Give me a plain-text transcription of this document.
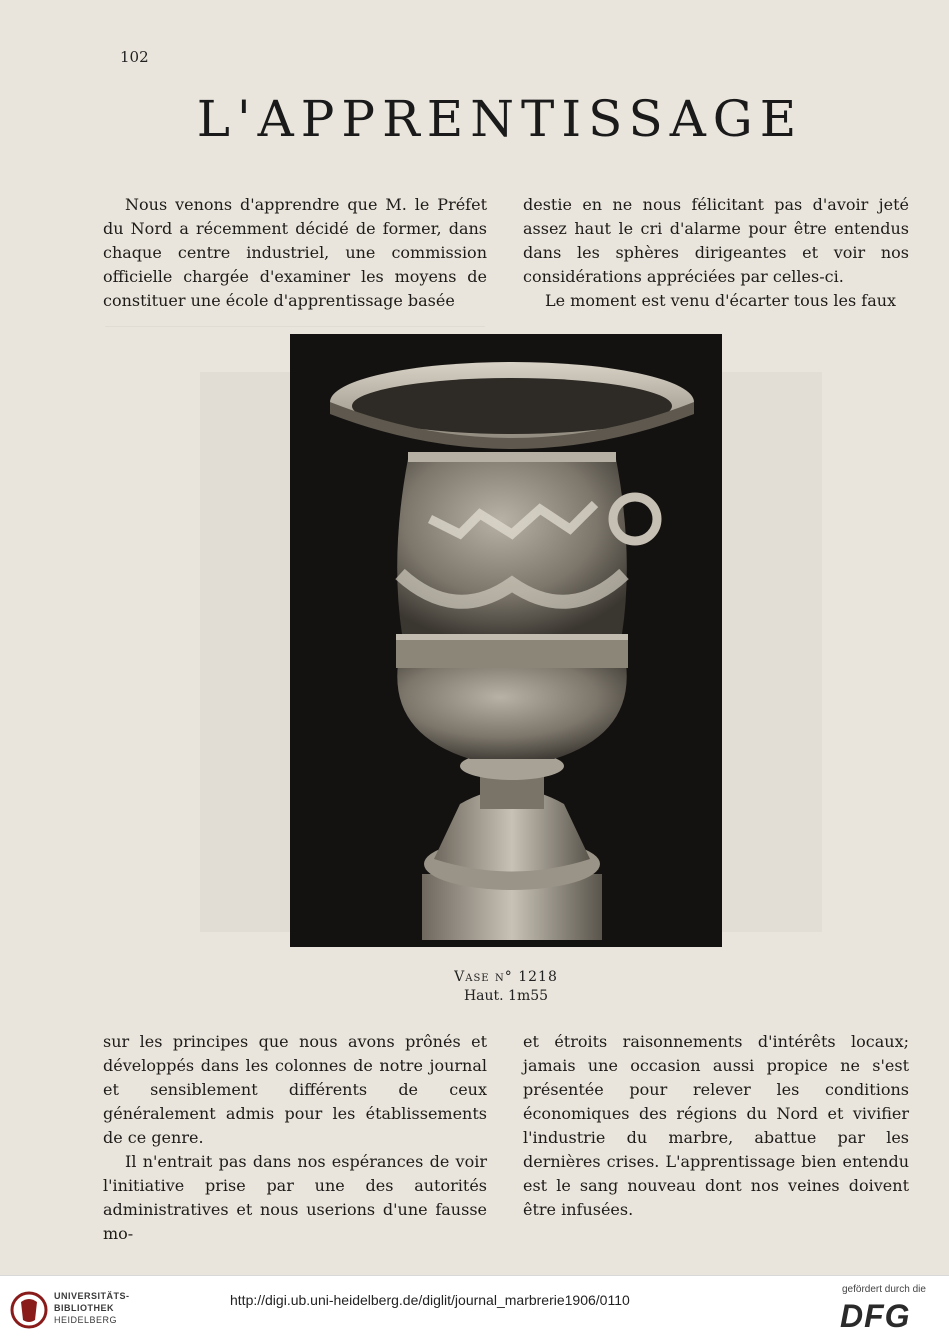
102
L'APPRENTISSAGE

Nous venons d'apprendre que M. le Préfet du Nord a récemment décidé de former, dans chaque centre industriel, une commission officielle chargée d'examiner les moyens de constituer une école d'apprentissage basée

destie en ne nous félicitant pas d'avoir jeté assez haut le cri d'alarme pour être entendus dans les sphères dirigeantes et voir nos considérations appréciées par celles-ci.

Le moment est venu d'écarter tous les faux

Vase n° 1218
Haut. 1m55

sur les principes que nous avons prônés et développés dans les colonnes de notre journal et sensiblement différents de ceux généralement admis pour les établissements de ce genre.

Il n'entrait pas dans nos espérances de voir l'initiative prise par une des autorités administratives et nous userions d'une fausse mo-

et étroits raisonnements d'intérêts locaux; jamais une occasion aussi propice ne s'est présentée pour relever les conditions économiques des régions du Nord et vivifier l'industrie du marbre, abattue par les dernières crises. L'apprentissage bien entendu est le sang nouveau dont nos veines doivent être infusées.

UNIVERSITÄTS-
BIBLIOTHEK
HEIDELBERG
http://digi.ub.uni-heidelberg.de/diglit/journal_marbrerie1906/0110
gefördert durch die
DFG
